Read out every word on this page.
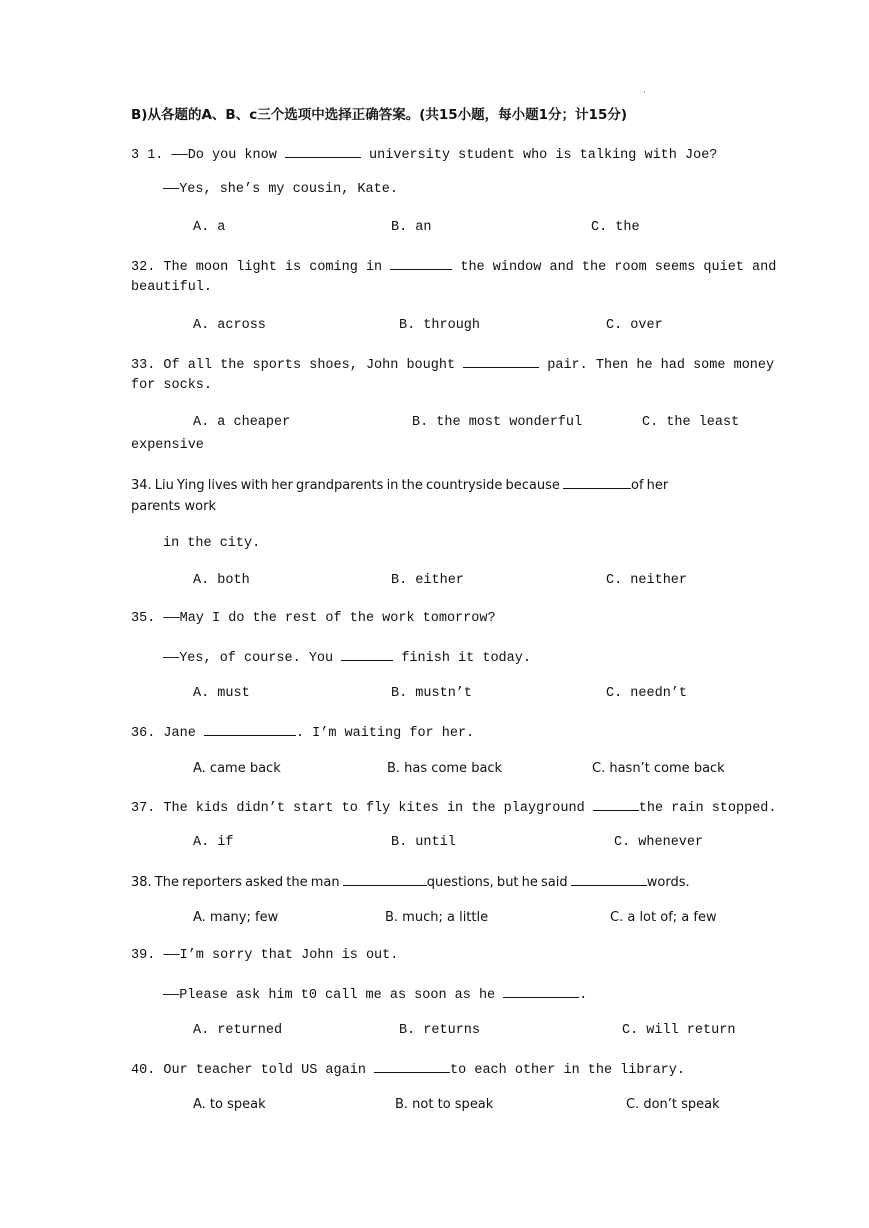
·
B)从各题的A、B、c三个选项中选择正确答案。(共15小题，每小题1分；计15分)
3 1. ——Do you know	university student who is talking with Joe?
——Yes, she’s my cousin, Kate.
A. a	B. an	C. the
32. The moon light is coming in	the window and the room seems quiet and
beautiful.
A. across	B. through	C. over
33. Of all the sports shoes, John bought	pair. Then he had some money
for socks.
A. a cheaper	B. the most wonderful	C. the least
expensive
34. Liu Ying lives with her grandparents in the countryside because	of her
parents work
in the city.
A. both	B. either	C. neither
35. ——May I do the rest of the work tomorrow?
——Yes, of course. You	finish it today.
A. must	B. mustn’t	C. needn’t
36. Jane	. I’m waiting for her.
A. came back	B. has come back	C. hasn’t come back
37. The kids didn’t start to fly kites in the playground	the rain stopped.
A. if	B. until	C. whenever
38. The reporters asked the man	questions, but he said	words.
A. many; few	B. much; a little	C. a lot of; a few
39. ——I’m sorry that John is out.
——Please ask him t0 call me as soon as he	.
A. returned	B. returns	C. will return
40. Our teacher told US again	to each other in the library.
A. to speak	B. not to speak	C. don’t speak
